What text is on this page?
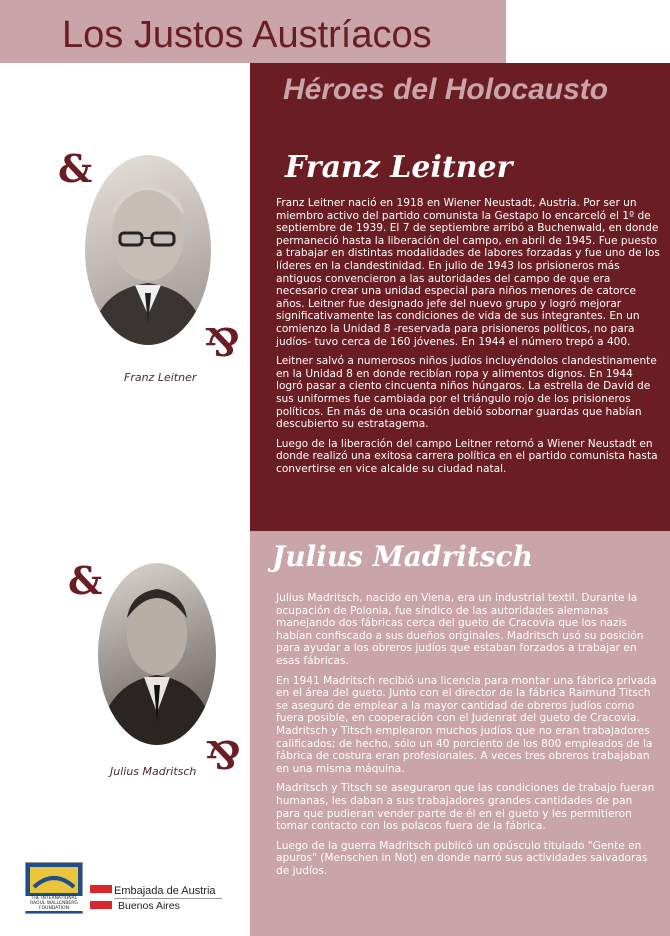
Los Justos Austríacos
Héroes del Holocausto
Franz Leitner

Franz Leitner nació en 1918 en Wiener Neustadt, Austria. Por ser un miembro activo del partido comunista la Gestapo lo encarceló el 1º de septiembre de 1939. El 7 de septiembre arribó a Buchenwald, en donde permaneció hasta la liberación del campo, en abril de 1945. Fue puesto a trabajar en distintas modalidades de labores forzadas y fue uno de los líderes en la clandestinidad. En julio de 1943 los prisioneros más antiguos convencieron a las autoridades del campo de que era necesario crear una unidad especial para niños menores de catorce años. Leitner fue designado jefe del nuevo grupo y logró mejorar significativamente las condiciones de vida de sus integrantes. En un comienzo la Unidad 8 -reservada para prisioneros políticos, no para judíos- tuvo cerca de 160 jóvenes. En 1944 el número trepó a 400.

Leitner salvó a numerosos niños judíos incluyéndolos clandestinamente en la Unidad 8 en donde recibían ropa y alimentos dignos. En 1944 logró pasar a ciento cincuenta niños húngaros. La estrella de David de sus uniformes fue cambiada por el triángulo rojo de los prisioneros políticos. En más de una ocasión debió sobornar guardas que habían descubierto su estratagema.

Luego de la liberación del campo Leitner retornó a Wiener Neustadt en donde realizó una exitosa carrera política en el partido comunista hasta convertirse en vice alcalde su ciudad natal.

Franz Leitner
&
&
Julius Madritsch

Julius Madritsch, nacido en Viena, era un industrial textil. Durante la ocupación de Polonia, fue síndico de las autoridades alemanas manejando dos fábricas cerca del gueto de Cracovia que los nazis habían confiscado a sus dueños originales. Madritsch usó su posición para ayudar a los obreros judíos que estaban forzados a trabajar en esas fábricas.

En 1941 Madritsch recibió una licencia para montar una fábrica privada en el área del gueto. Junto con el director de la fábrica Raimund Titsch se aseguró de emplear a la mayor cantidad de obreros judíos como fuera posible, en cooperación con el Judenrat del gueto de Cracovia. Madritsch y Titsch emplearon muchos judíos que no eran trabajadores calificados; de hecho, sólo un 40 porciento de los 800 empleados de la fábrica de costura eran profesionales. A veces tres obreros trabajaban en una misma máquina.

Madritsch y Titsch se aseguraron que las condiciones de trabajo fueran humanas, les daban a sus trabajadores grandes cantidades de pan para que pudieran vender parte de él en el gueto y les permitieron tomar contacto con los polacos fuera de la fábrica.

Luego de la guerra Madritsch publicó un opúsculo titulado "Gente en apuros" (Menschen in Not) en donde narró sus actividades salvadoras de judíos.

Julius Madritsch
&
&
THE INTERNATIONAL RAOUL WALLENBERG FOUNDATION
Embajada de Austria
Buenos Aires
